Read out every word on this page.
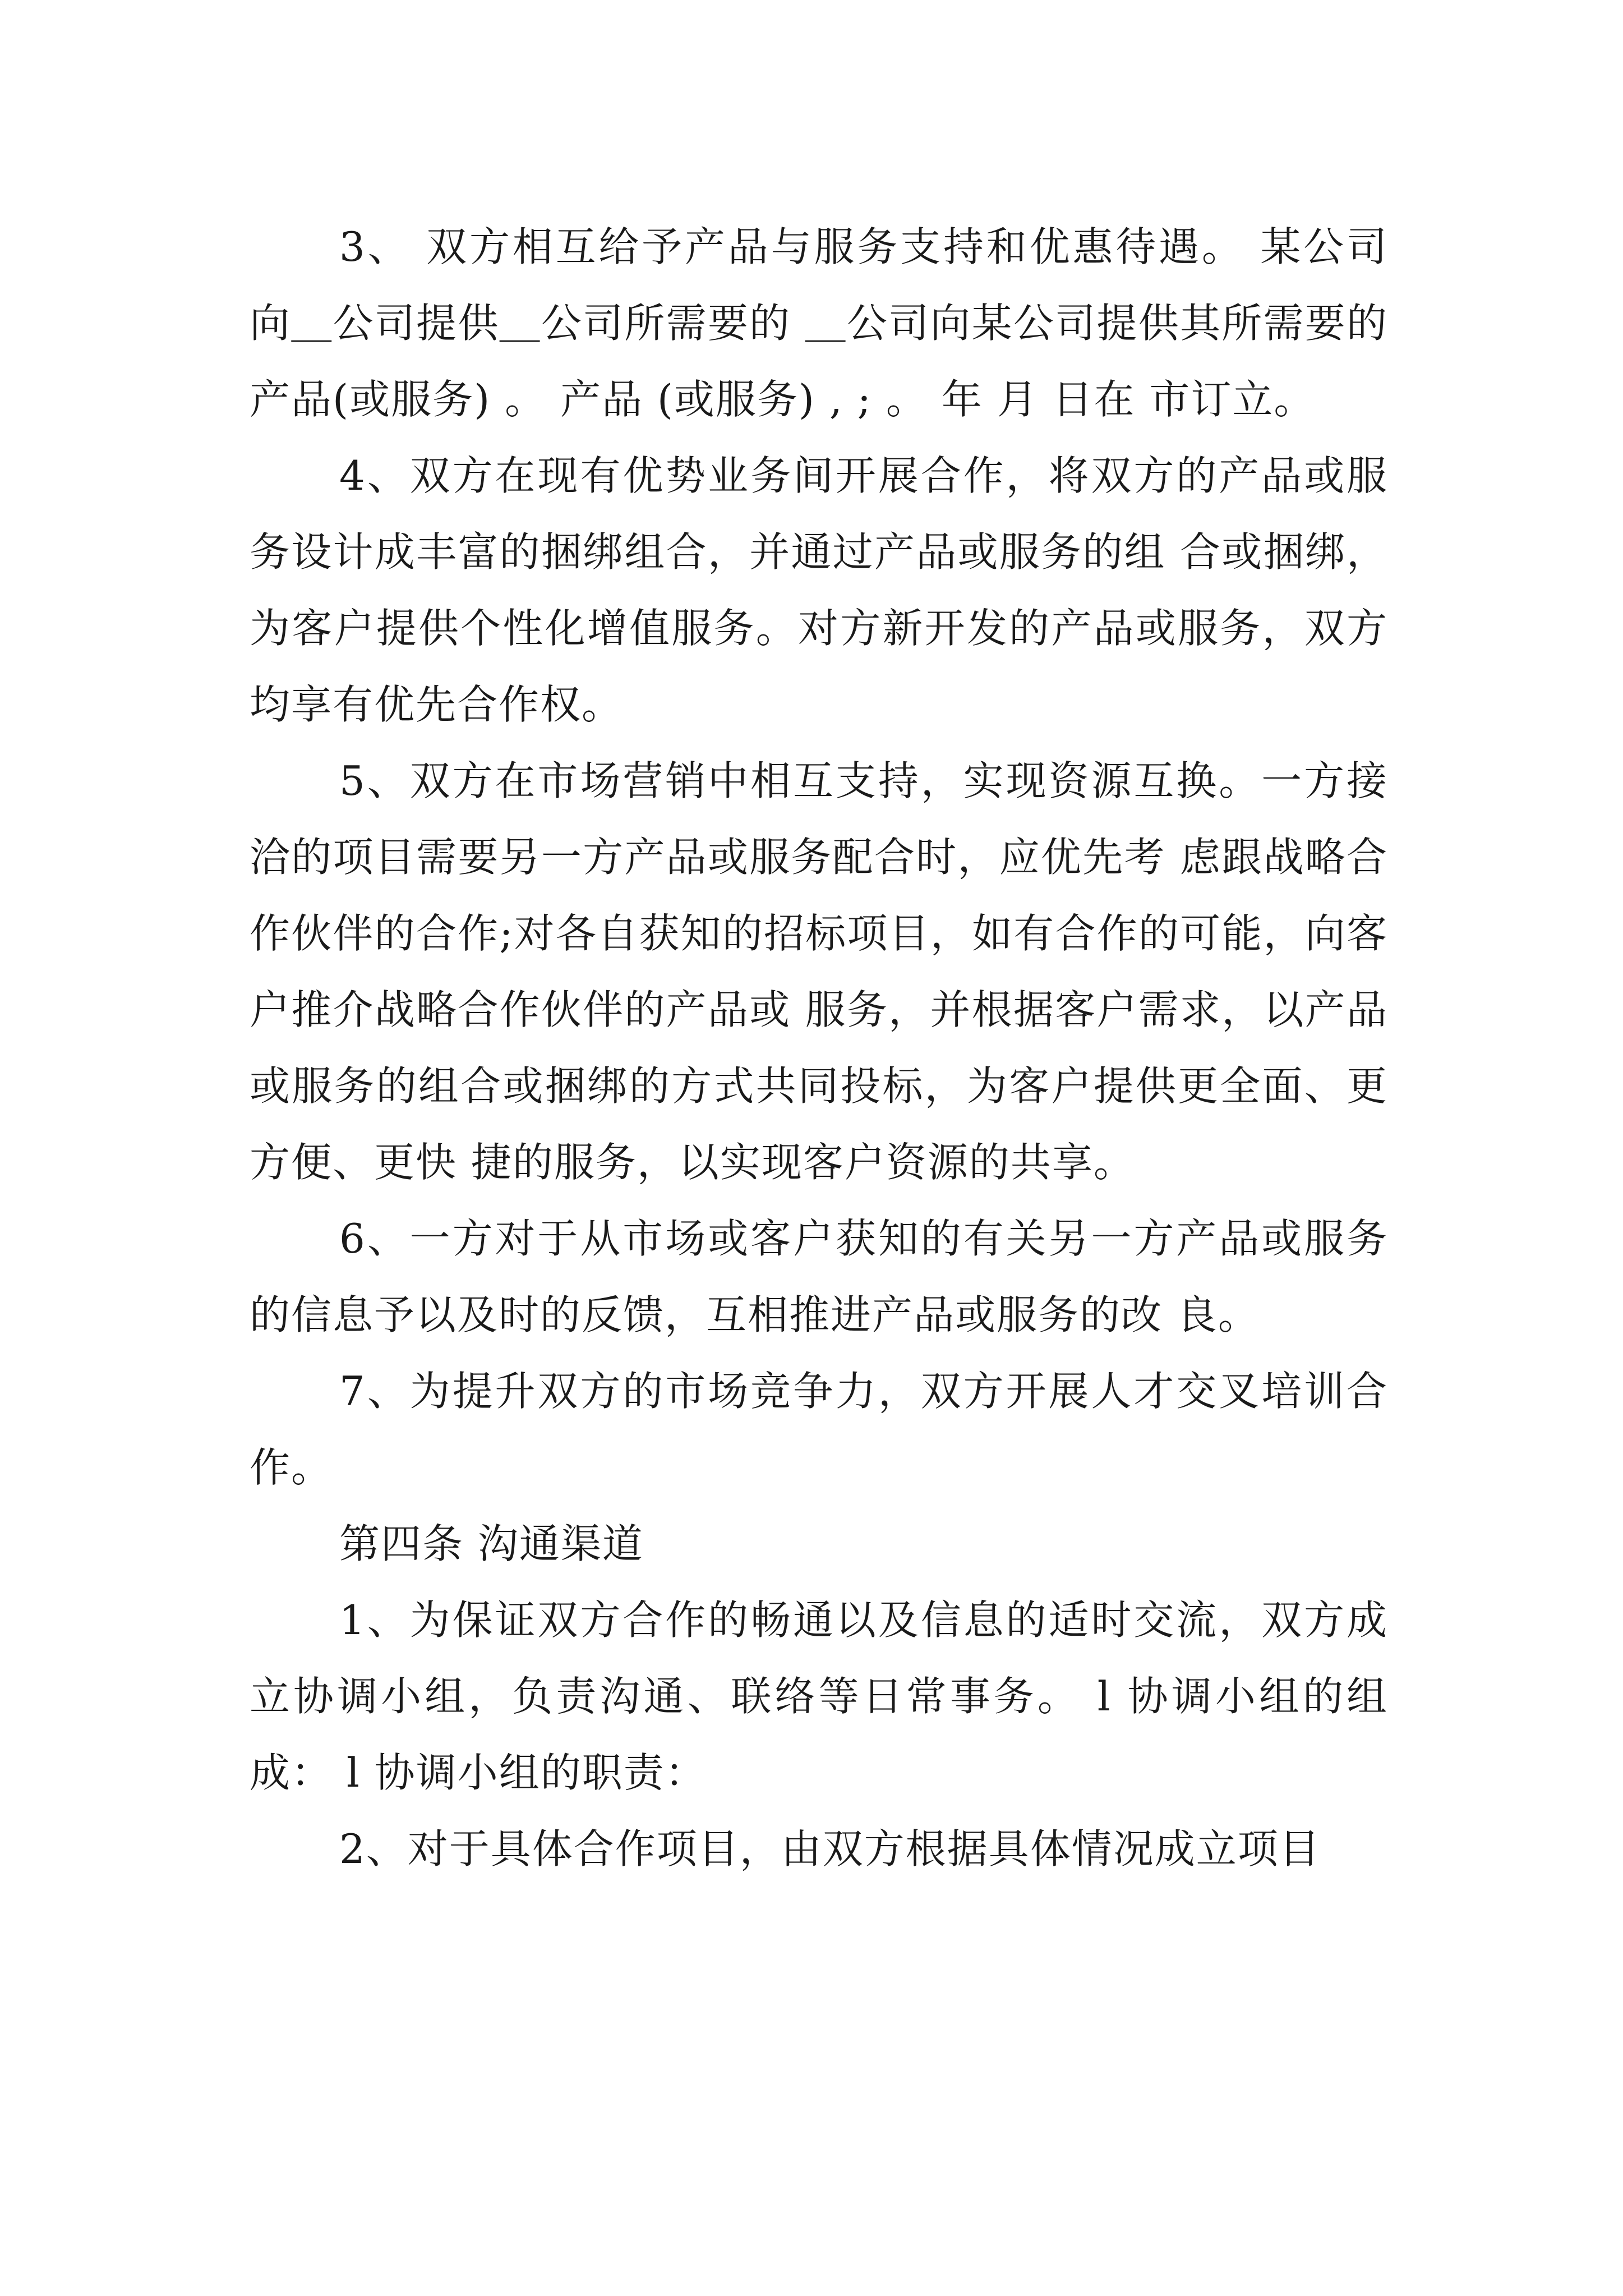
3、 双方相互给予产品与服务支持和优惠待遇。 某公司向＿公司提供＿公司所需要的 ＿公司向某公司提供其所需要的 产品(或服务) 。 产品 (或服务) , ; 。 年 月 日在 市订立。

4、双方在现有优势业务间开展合作，将双方的产品或服务设计成丰富的捆绑组合，并通过产品或服务的组 合或捆绑，为客户提供个性化增值服务。对方新开发的产品或服务，双方均享有优先合作权。

5、双方在市场营销中相互支持，实现资源互换。一方接洽的项目需要另一方产品或服务配合时，应优先考 虑跟战略合作伙伴的合作;对各自获知的招标项目，如有合作的可能，向客户推介战略合作伙伴的产品或 服务，并根据客户需求，以产品或服务的组合或捆绑的方式共同投标，为客户提供更全面、更方便、更快 捷的服务，以实现客户资源的共享。

6、一方对于从市场或客户获知的有关另一方产品或服务的信息予以及时的反馈，互相推进产品或服务的改 良。

7、为提升双方的市场竞争力，双方开展人才交叉培训合作。

第四条 沟通渠道

1、为保证双方合作的畅通以及信息的适时交流，双方成立协调小组，负责沟通、联络等日常事务。 l 协调小组的组成： l 协调小组的职责：

2、对于具体合作项目，由双方根据具体情况成立项目
